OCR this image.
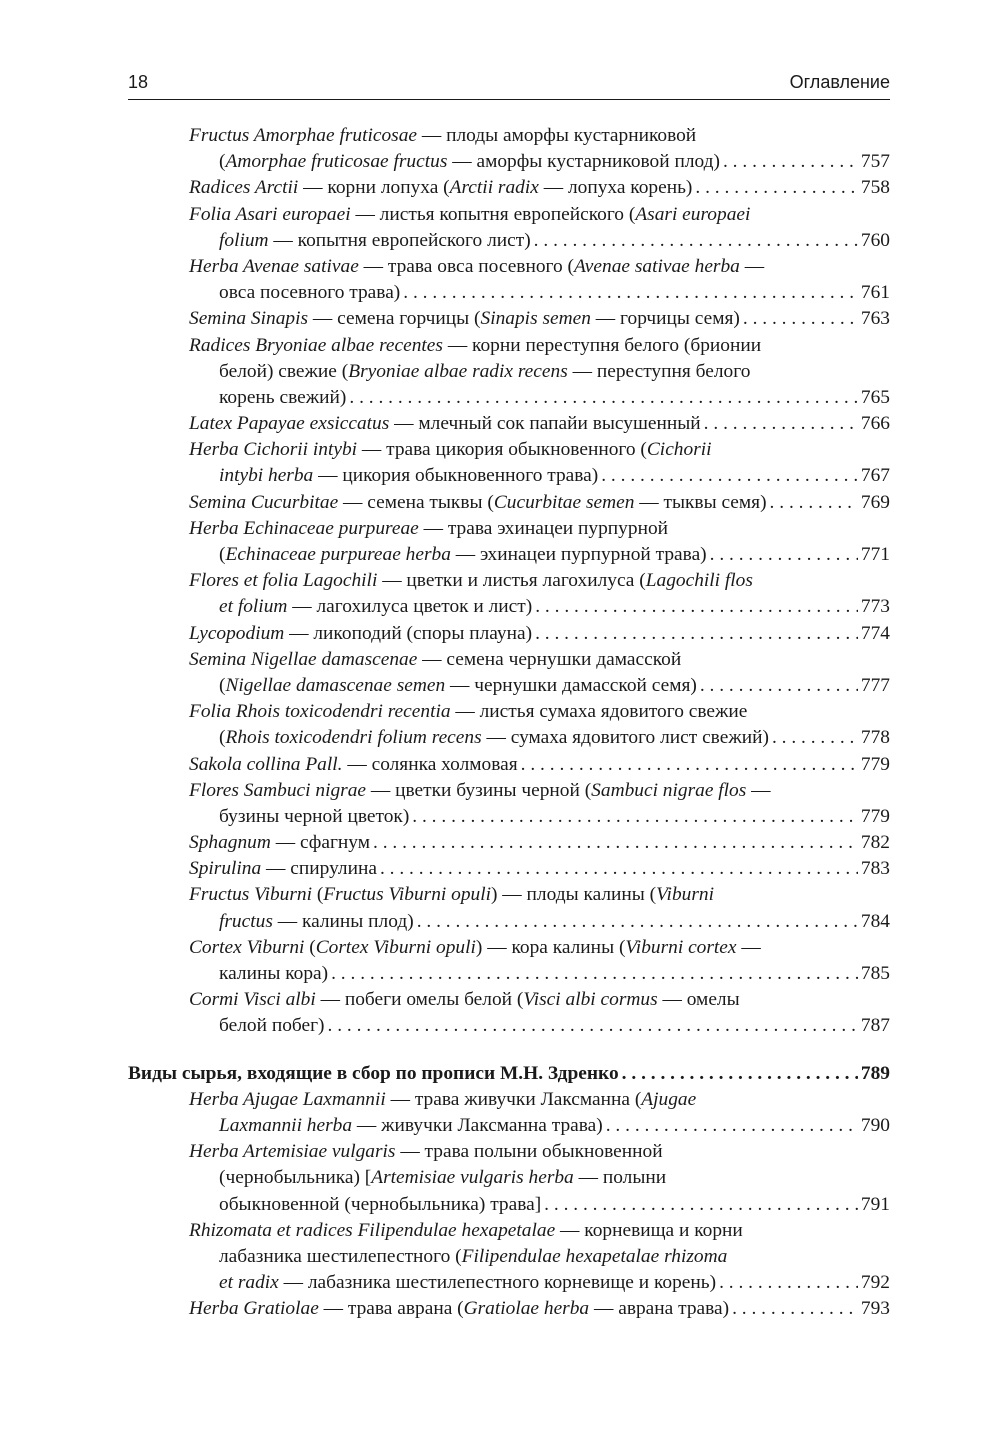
18	Оглавление
Fructus Amorphae fruticosae — плоды аморфы кустарниковой
(Amorphae fruticosae fructus — аморфы кустарниковой плод) . . .	757
Radices Arctii — корни лопуха (Arctii radix — лопуха корень) . . .	758
Folia Asari europaei — листья копытня европейского (Asari europaei
folium — копытня европейского лист) . . .	760
Herba Avenae sativae — трава овса посевного (Avenae sativae herba —
овса посевного трава) . . .	761
Semina Sinapis — семена горчицы (Sinapis semen — горчицы семя) . . .	763
Radices Bryoniae albae recentes — корни переступня белого (брионии
белой) свежие (Bryoniae albae radix recens — переступня белого
корень свежий) . . .	765
Latex Papayae exsiccatus — млечный сок папайи высушенный . . .	766
Herba Cichorii intybi — трава цикория обыкновенного (Cichorii
intybi herba — цикория обыкновенного трава) . . .	767
Semina Cucurbitae — семена тыквы (Cucurbitae semen — тыквы семя) . . .	769
Herba Echinaceae purpureae — трава эхинацеи пурпурной
(Echinaceae purpureae herba — эхинацеи пурпурной трава) . . .	771
Flores et folia Lagochili — цветки и листья лагохилуса (Lagochili flos
et folium — лагохилуса цветок и лист) . . .	773
Lycopodium — ликоподий (споры плауна) . . .	774
Semina Nigellae damascenae — семена чернушки дамасской
(Nigellae damascenae semen — чернушки дамасской семя) . . .	777
Folia Rhois toxicodendri recentia — листья сумаха ядовитого свежие
(Rhois toxicodendri folium recens — сумаха ядовитого лист свежий) . . .	778
Sakola collina Pall. — солянка холмовая . . .	779
Flores Sambuci nigrae — цветки бузины черной (Sambuci nigrae flos —
бузины черной цветок) . . .	779
Sphagnum — сфагнум . . .	782
Spirulina — спирулина . . .	783
Fructus Viburni (Fructus Viburni opuli) — плоды калины (Viburni
fructus — калины плод) . . .	784
Cortex Viburni (Cortex Viburni opuli) — кора калины (Viburni cortex —
калины кора) . . .	785
Cormi Visci albi — побеги омелы белой (Visci albi cormus — омелы
белой побег) . . .	787
Виды сырья, входящие в сбор по прописи М.Н. Здренко . . .	789
Herba Ajugae Laxmannii — трава живучки Лаксманна (Ajugae
Laxmannii herba — живучки Лаксманна трава) . . .	790
Herba Artemisiae vulgaris — трава полыни обыкновенной
(чернобыльника) [Artemisiae vulgaris herba — полыни
обыкновенной (чернобыльника) трава] . . .	791
Rhizomata et radices Filipendulae hexapetalae — корневища и корни
лабазника шестилепестного (Filipendulae hexapetalae rhizoma
et radix — лабазника шестилепестного корневище и корень) . . .	792
Herba Gratiolae — трава аврана (Gratiolae herba — аврана трава) . . .	793
